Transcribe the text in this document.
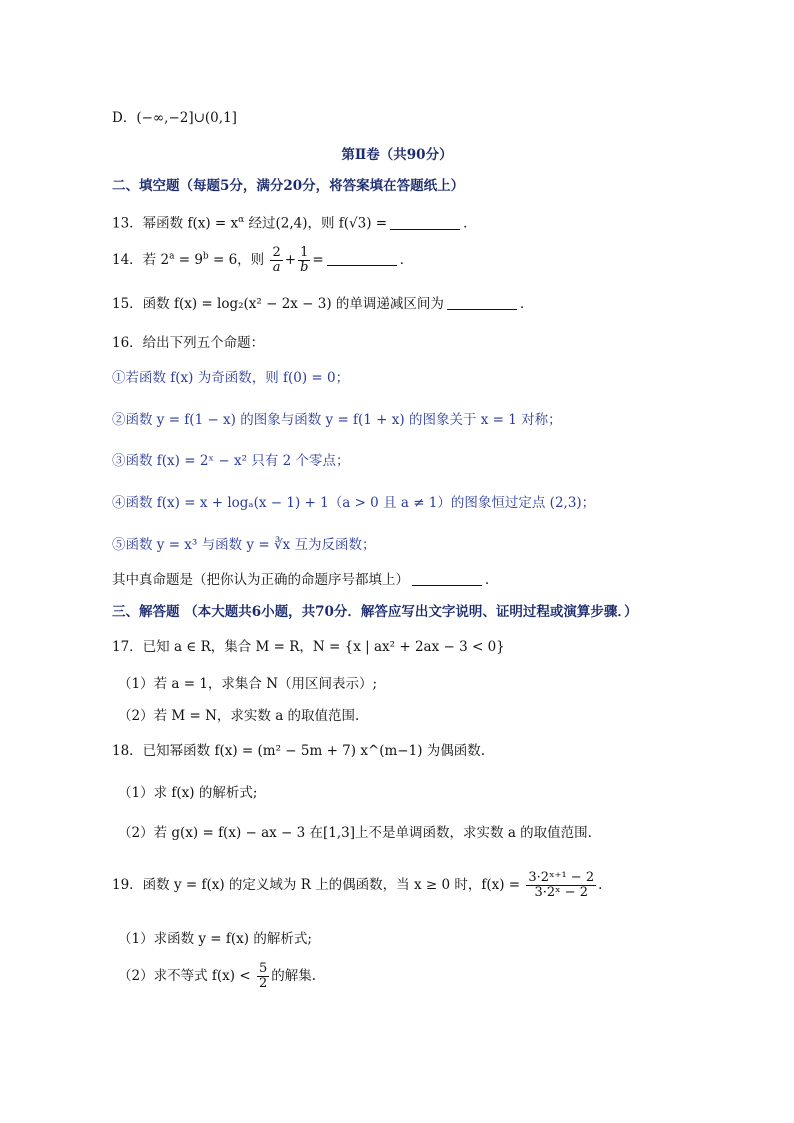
D．(−∞,−2]∪(0,1]
第Ⅱ卷（共90分）
二、填空题（每题5分，满分20分，将答案填在答题纸上）
13．幂函数 $f(x) = x^\alpha$ 经过(2,4)，则 f(√3) =	．
14．若 $2^a = 9^b = 6$，则 $\frac{2}{a} + \frac{1}{b}$ =	．
15．函数 f(x) = log₂(x² − 2x − 3) 的单调递减区间为	．
16．给出下列五个命题：
①若函数 f(x) 为奇函数，则 f(0) = 0；
②函数 y = f(1 − x) 的图象与函数 y = f(1 + x) 的图象关于 x = 1 对称；
③函数 f(x) = 2ˣ − x² 只有 2 个零点；
④函数 f(x) = x + logₐ(x − 1) + 1（a > 0 且 a ≠ 1）的图象恒过定点 (2,3)；
⑤函数 y = x³ 与函数 y = ∛x 互为反函数；
其中真命题是（把你认为正确的命题序号都填上）	．
三、解答题 （本大题共6小题，共70分．解答应写出文字说明、证明过程或演算步骤．）
17．已知 a ∈ R，集合 M = R，N = {x | ax² + 2ax − 3 < 0}
（1）若 a = 1，求集合 N（用区间表示）;
（2）若 M = N，求实数 a 的取值范围.
18．已知幂函数 f(x) = (m² − 5m + 7) x^(m−1) 为偶函数.
（1）求 f(x) 的解析式;
（2）若 g(x) = f(x) − ax − 3 在[1,3]上不是单调函数，求实数 a 的取值范围.
19．函数 y = f(x) 的定义域为 R 上的偶函数，当 x ≥ 0 时，$f(x) = \frac{\text{3·2ˣ⁺¹ − 2}}{\text{3·2ˣ − 2}}$ .
（1）求函数 y = f(x) 的解析式;
（2）求不等式 $f(x) < \frac{5}{2}$ 的解集.
